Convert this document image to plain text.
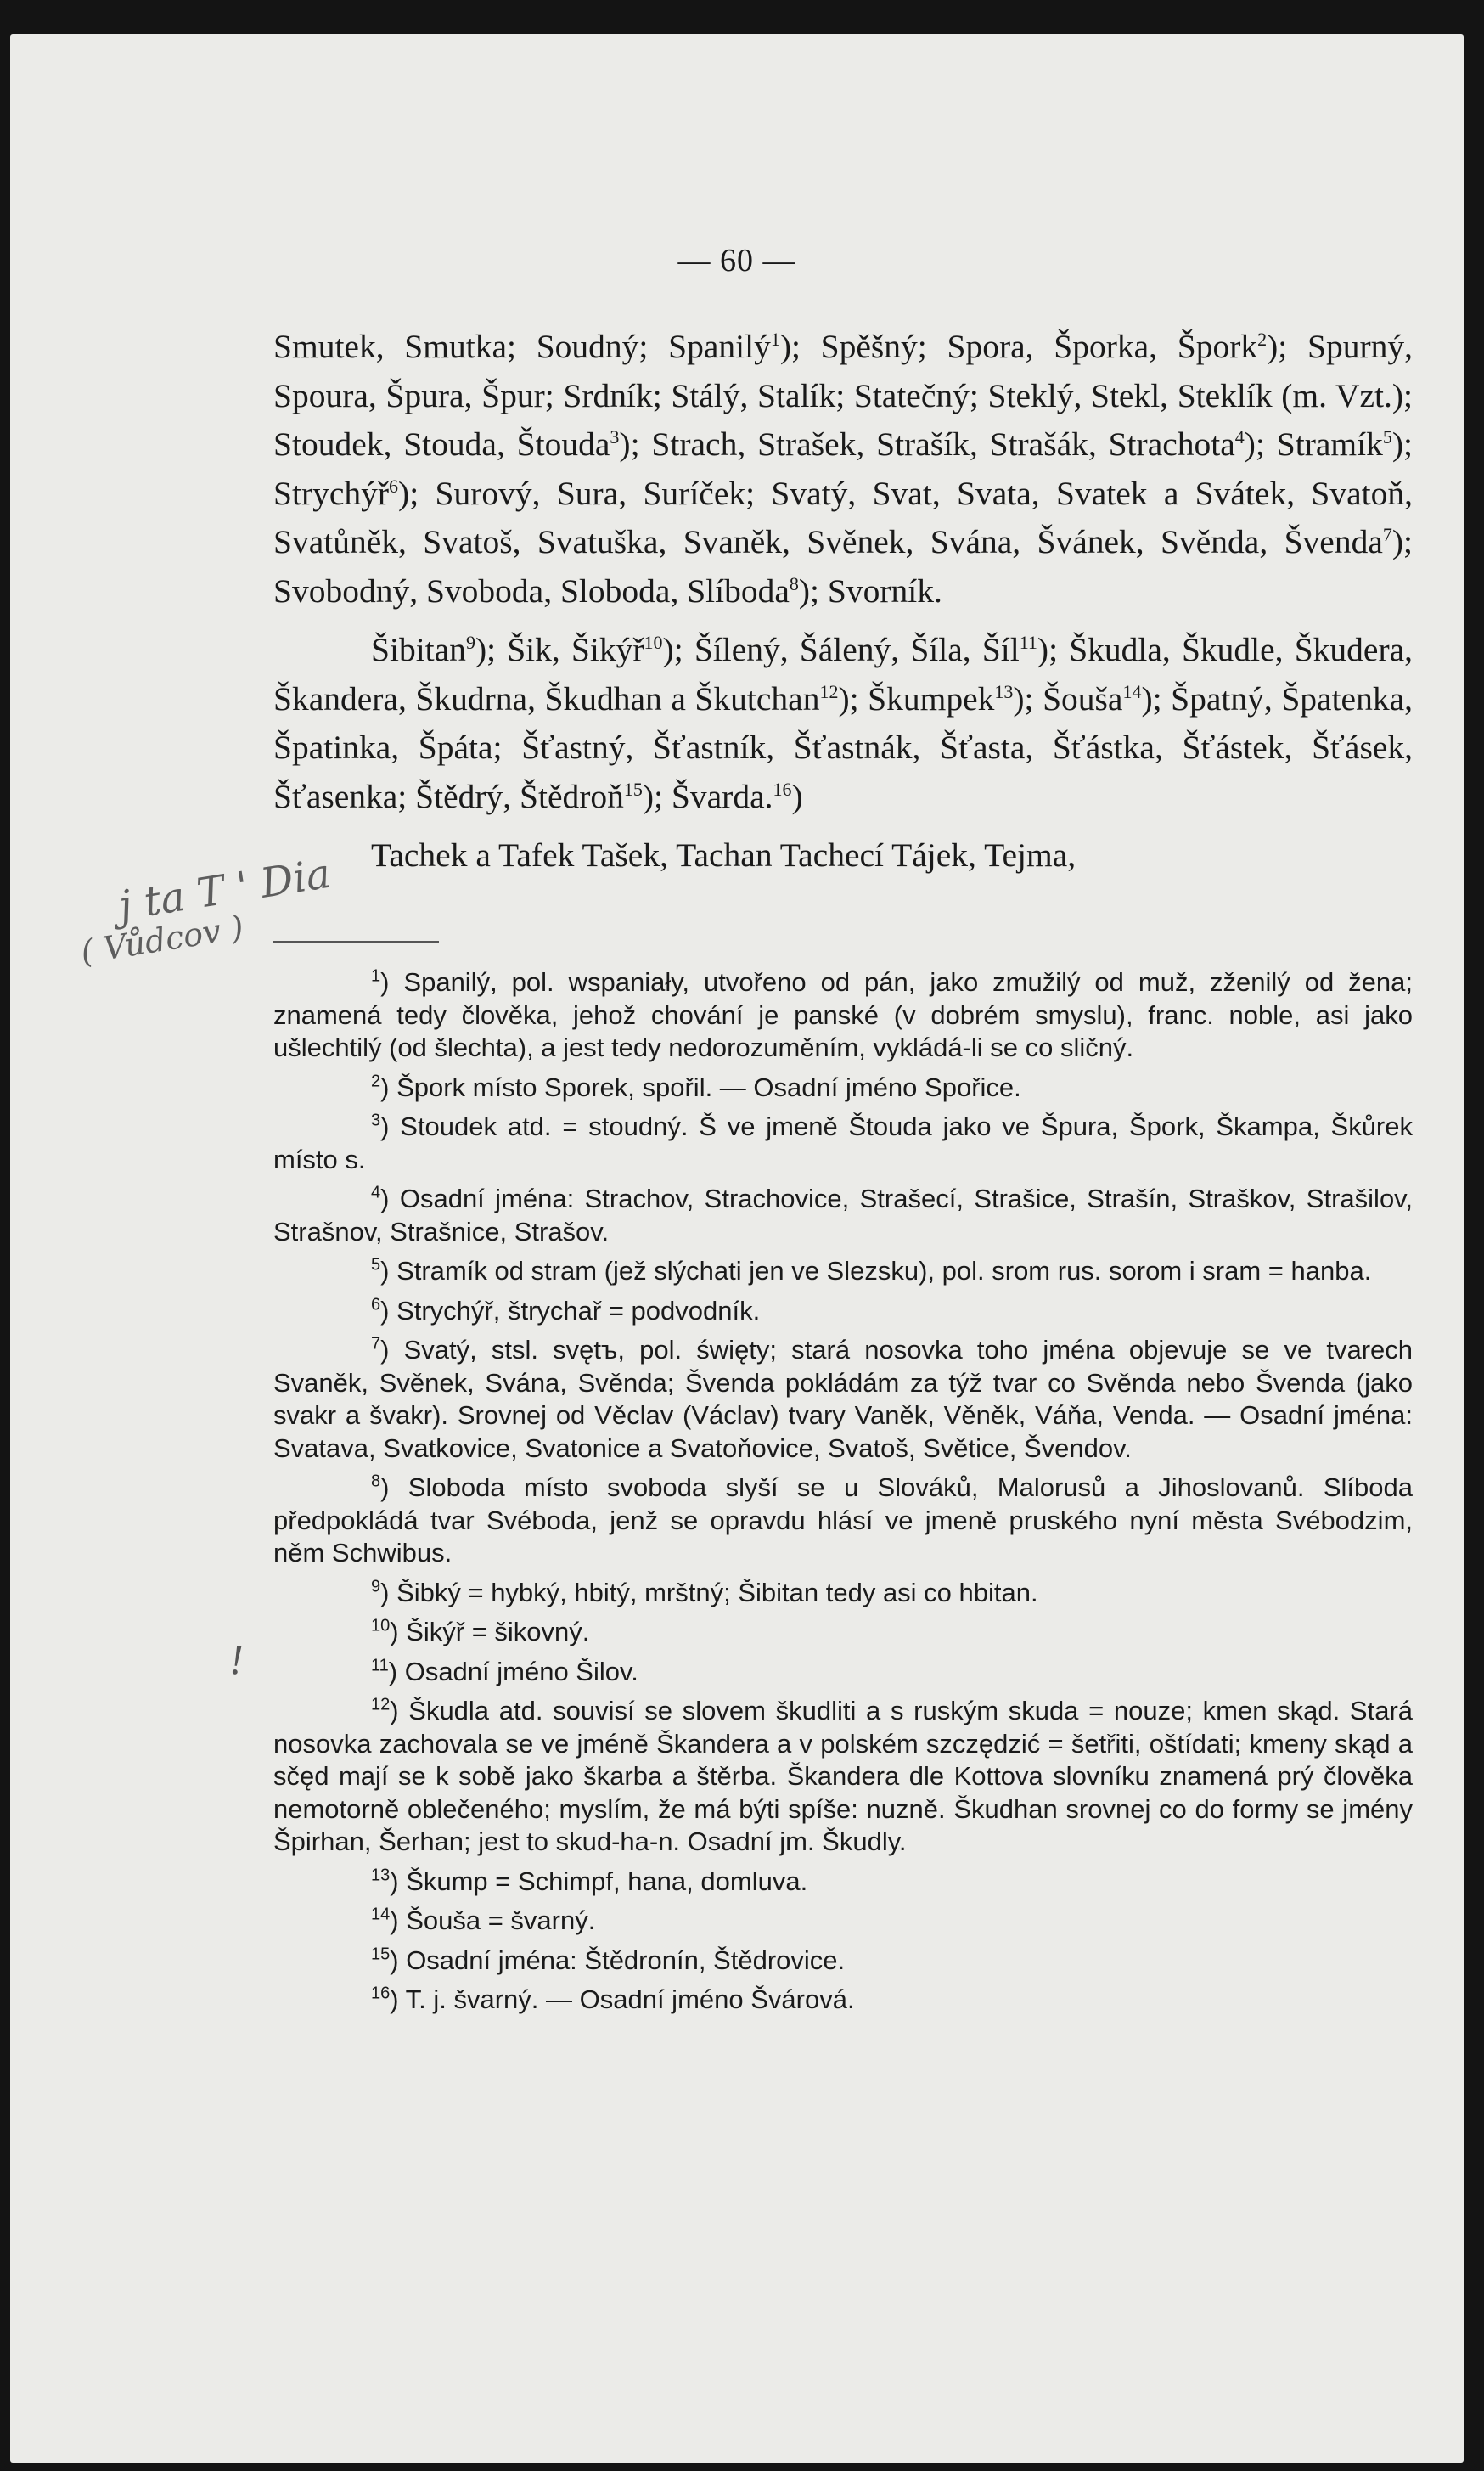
— 60 —

Smutek, Smutka; Soudný; Spanilý$^1$); Spěšný; Spora, Šporka, Špork$^2$); Spurný, Spoura, Špura, Špur; Srdník; Stálý, Stalík; Statečný; Steklý, Stekl, Steklík (m. Vzt.); Stoudek, Stouda, Štouda$^3$); Strach, Strašek, Strašík, Strašák, Strachota$^4$); Stramík$^5$); Strychýř$^6$); Surový, Sura, Suríček; Svatý, Svat, Svata, Svatek a Svátek, Svatoň, Svatůněk, Svatoš, Svatuška, Svaněk, Svěnek, Svána, Švánek, Svěnda, Švenda$^7$); Svobodný, Svoboda, Sloboda, Slíboda$^8$); Svorník.

Šibitan$^9$); Šik, Šikýř$^{10}$); Šílený, Šálený, Šíla, Šíl$^{11}$); Škudla, Škudle, Škudera, Škandera, Škudrna, Škudhan a Škutchan$^{12}$); Škumpek$^{13}$); Šouša$^{14}$); Špatný, Špatenka, Špatinka, Špáta; Šťastný, Šťastník, Šťastnák, Šťasta, Šťástka, Šťástek, Šťásek, Šťasenka; Štědrý, Štědroň$^{15}$); Švarda.$^{16}$)

Tachek a Tafek Tašek, Tachan Tachecí Tájek, Tejma,

j ta T ' Dia
( Vůdcov )

$^1$) Spanilý, pol. wspaniały, utvořeno od pán, jako zmužilý od muž, zženilý od žena; znamená tedy člověka, jehož chování je panské (v dobrém smyslu), franc. noble, asi jako ušlechtilý (od šlechta), a jest tedy nedorozuměním, vykládá-li se co sličný.

$^2$) Špork místo Sporek, spořil. — Osadní jméno Spořice.

$^3$) Stoudek atd. = stoudný. Š ve jmeně Štouda jako ve Špura, Špork, Škampa, Škůrek místo s.

$^4$) Osadní jména: Strachov, Strachovice, Strašecí, Strašice, Strašín, Straškov, Strašilov, Strašnov, Strašnice, Strašov.

$^5$) Stramík od stram (jež slýchati jen ve Slezsku), pol. srom rus. sorom i sram = hanba.

$^6$) Strychýř, štrychař = podvodník.

$^7$) Svatý, stsl. svętъ, pol. święty; stará nosovka toho jména objevuje se ve tvarech Svaněk, Svěnek, Svána, Svěnda; Švenda pokládám za týž tvar co Svěnda nebo Švenda (jako svakr a švakr). Srovnej od Věclav (Václav) tvary Vaněk, Věněk, Váňa, Venda. — Osadní jména: Svatava, Svatkovice, Svatonice a Svatoňovice, Svatoš, Světice, Švendov.

$^8$) Sloboda místo svoboda slyší se u Slováků, Malorusů a Jihoslovanů. Slíboda předpokládá tvar Svéboda, jenž se opravdu hlásí ve jmeně pruského nyní města Svébodzim, něm Schwibus.

$^9$) Šibký = hybký, hbitý, mrštný; Šibitan tedy asi co hbitan.

$^{10}$) Šikýř = šikovný.

$^{11}$) Osadní jméno Šilov.

$^{12}$) Škudla atd. souvisí se slovem škudliti a s ruským skuda = nouze; kmen skąd. Stará nosovka zachovala se ve jméně Škandera a v polském szczędzić = šetřiti, oštídati; kmeny skąd a sčęd mají se k sobě jako škarba a štěrba. Škandera dle Kottova slovníku znamená prý člověka nemotorně oblečeného; myslím, že má býti spíše: nuzně. Škudhan srovnej co do formy se jmény Špirhan, Šerhan; jest to skud-ha-n. Osadní jm. Škudly.

$^{13}$) Škump = Schimpf, hana, domluva.

$^{14}$) Šouša = švarný.

$^{15}$) Osadní jména: Štědronín, Štědrovice.

$^{16}$) T. j. švarný. — Osadní jméno Švárová.

!
